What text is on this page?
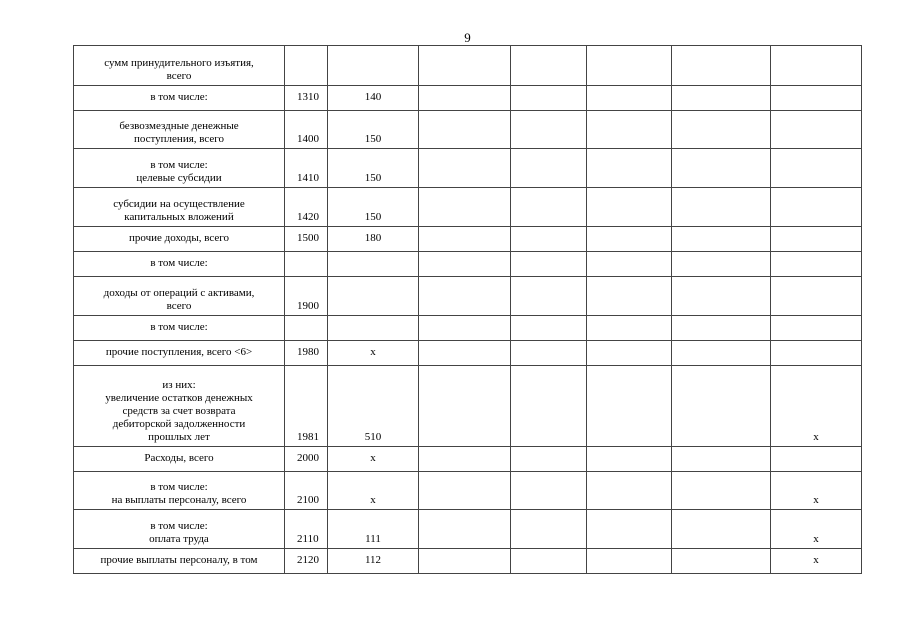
9
сумм принудительного изъятия,
всего							
в том числе:	1310	140					
безвозмездные денежные
поступления, всего	1400	150					
в том числе:
целевые субсидии	1410	150					
субсидии на осуществление
капитальных вложений	1420	150					
прочие доходы, всего	1500	180					
в том числе:							
доходы от операций с активами,
всего	1900						
в том числе:							
прочие поступления, всего <6>	1980	x					
из них:
увеличение остатков денежных
средств за счет возврата
дебиторской задолженности
прошлых лет	1981	510					x
Расходы, всего	2000	x					
в том числе:
на выплаты персоналу, всего	2100	x					x
в том числе:
оплата труда	2110	111					x
прочие выплаты персоналу, в том	2120	112					x
